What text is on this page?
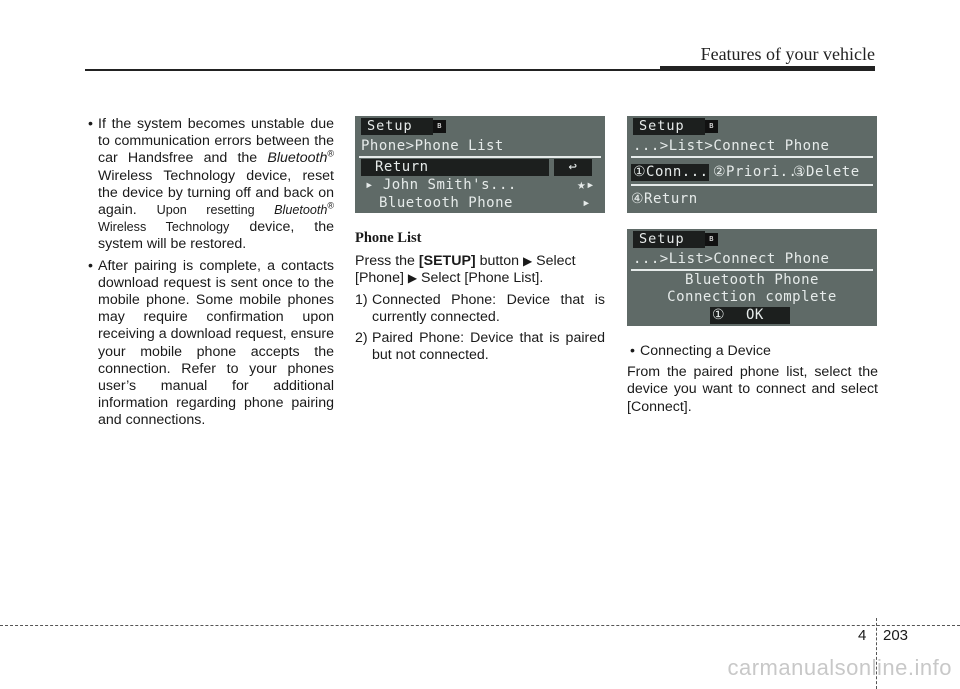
Features of your vehicle
• If the system becomes unstable due to communication errors between the car Handsfree and the Bluetooth® Wireless Technology device, reset the device by turning off and back on again. Upon resetting Bluetooth® Wireless Technology device, the system will be restored.
• After pairing is complete, a contacts download request is sent once to the mobile phone. Some mobile phones may require confirmation upon receiving a download request, ensure your mobile phone accepts the connection. Refer to your phones user’s manual for additional information regarding phone pairing and connections.
Setup	ʙ
Phone>Phone List
Return	↩
▸ John Smith's...	★▸
Bluetooth Phone	▸
Phone List
Press the [SETUP] button ▶ Select [Phone] ▶ Select [Phone List].
1) Connected Phone: Device that is currently connected.
2) Paired Phone: Device that is paired but not connected.
Setup	ʙ
...>List>Connect Phone
①Conn... ②Priori...
③Delete
④Return
Setup	ʙ
...>List>Connect Phone
Bluetooth Phone
Connection complete
① OK
• Connecting a Device
From the paired phone list, select the device you want to connect and select [Connect].
4 203
carmanualsonline.info
